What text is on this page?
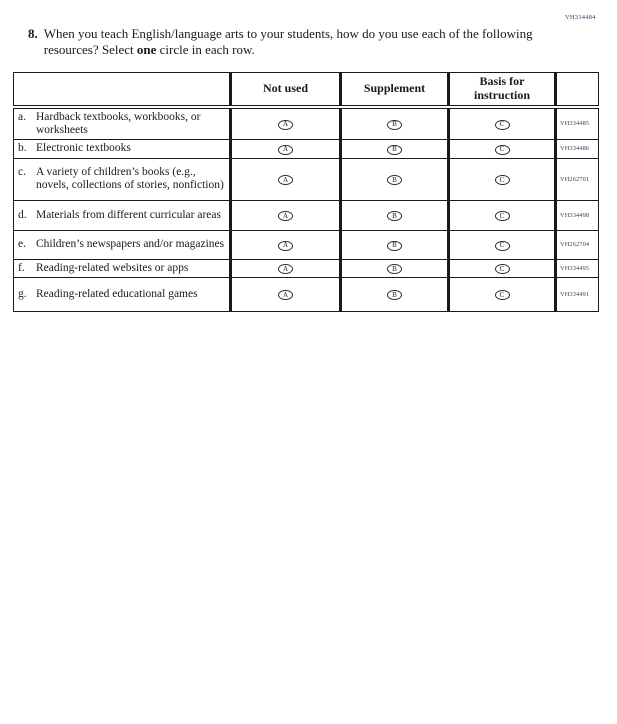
VH334484
8. When you teach English/language arts to your students, how do you use each of the following resources? Select one circle in each row.
	Not used	Supplement	Basis for instruction	

a. Hardback textbooks, workbooks, or worksheets	A	B	C	VH334485

b. Electronic textbooks	A	B	C	VH334486

c. A variety of children’s books (e.g., novels, collections of stories, nonfiction)	A	B	C	VH262701

d. Materials from different curricular areas	A	B	C	VH334498

e. Children’s newspapers and/or magazines	A	B	C	VH262704

f. Reading-related websites or apps	A	B	C	VH334495

g. Reading-related educational games	A	B	C	VH334491
